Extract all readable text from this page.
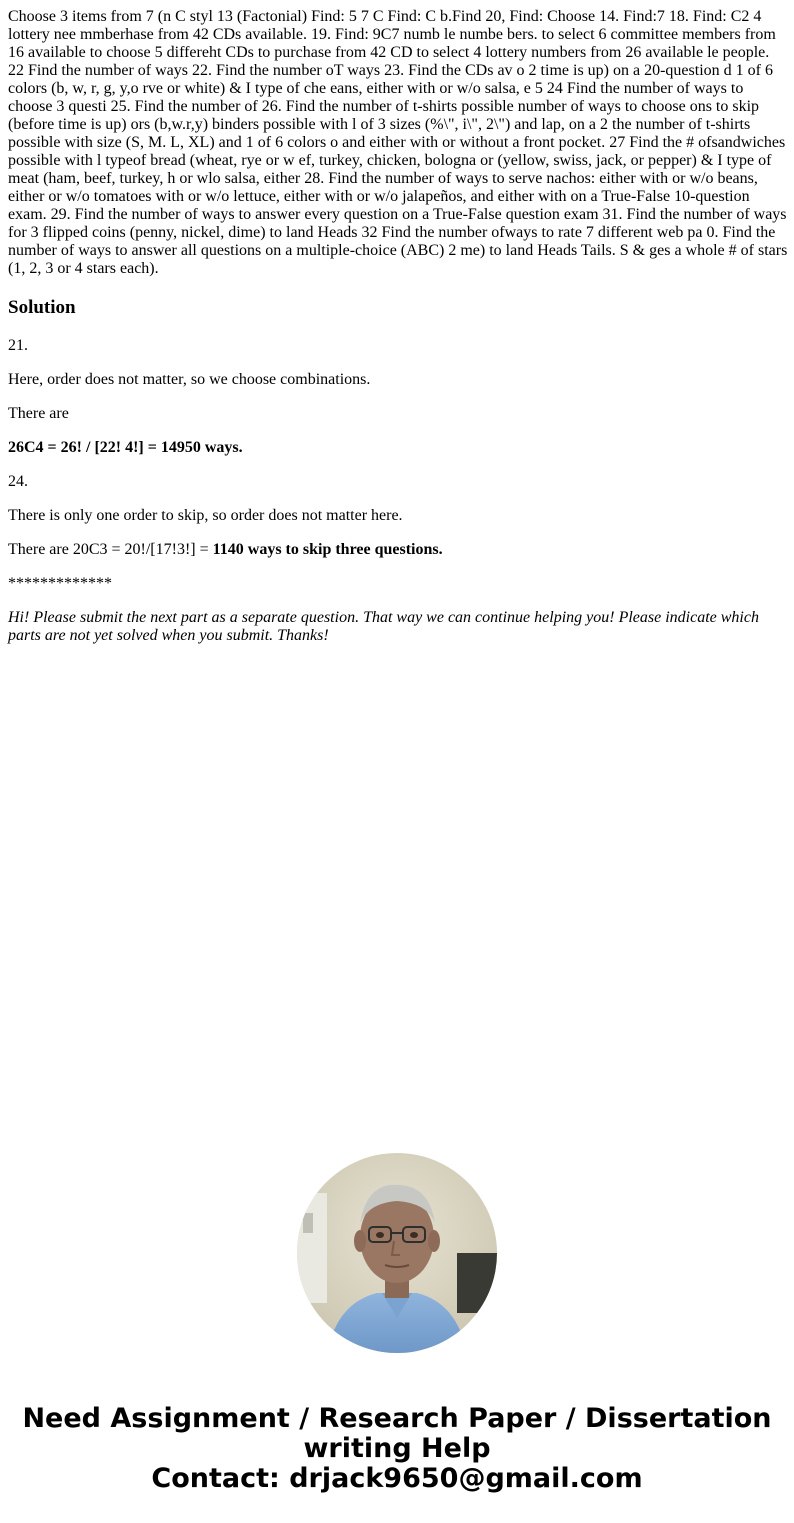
Choose 3 items from 7 (n C styl 13 (Factonial) Find: 5 7 C Find: C b.Find 20, Find: Choose 14. Find:7 18. Find: C2 4 lottery nee mmberhase from 42 CDs available. 19. Find: 9C7 numb le numbe bers. to select 6 committee members from 16 available to choose 5 differeht CDs to purchase from 42 CD to select 4 lottery numbers from 26 available le people. 22 Find the number of ways 22. Find the number oT ways 23. Find the CDs av o 2 time is up) on a 20-question d 1 of 6 colors (b, w, r, g, y,o rve or white) & I type of che eans, either with or w/o salsa, e 5 24 Find the number of ways to choose 3 questi 25. Find the number of 26. Find the number of t-shirts possible number of ways to choose ons to skip (before time is up) ors (b,w.r,y) binders possible with l of 3 sizes (%\", i\", 2\") and lap, on a 2 the number of t-shirts possible with size (S, M. L, XL) and 1 of 6 colors o and either with or without a front pocket. 27 Find the # ofsandwiches possible with l typeof bread (wheat, rye or w ef, turkey, chicken, bologna or (yellow, swiss, jack, or pepper) & I type of meat (ham, beef, turkey, h or wlo salsa, either 28. Find the number of ways to serve nachos: either with or w/o beans, either or w/o tomatoes with or w/o lettuce, either with or w/o jalapeños, and either with on a True-False 10-question exam. 29. Find the number of ways to answer every question on a True-False question exam 31. Find the number of ways for 3 flipped coins (penny, nickel, dime) to land Heads 32 Find the number ofways to rate 7 different web pa 0. Find the number of ways to answer all questions on a multiple-choice (ABC) 2 me) to land Heads Tails. S & ges a whole # of stars (1, 2, 3 or 4 stars each).
Solution

21.

Here, order does not matter, so we choose combinations.

There are

26C4 = 26! / [22! 4!] = 14950 ways.

24.

There is only one order to skip, so order does not matter here.

There are 20C3 = 20!/[17!3!] = 1140 ways to skip three questions.

*************

Hi! Please submit the next part as a separate question. That way we can continue helping you! Please indicate which parts are not yet solved when you submit. Thanks!

Need Assignment / Research Paper / Dissertation
writing Help
Contact: drjack9650@gmail.com
